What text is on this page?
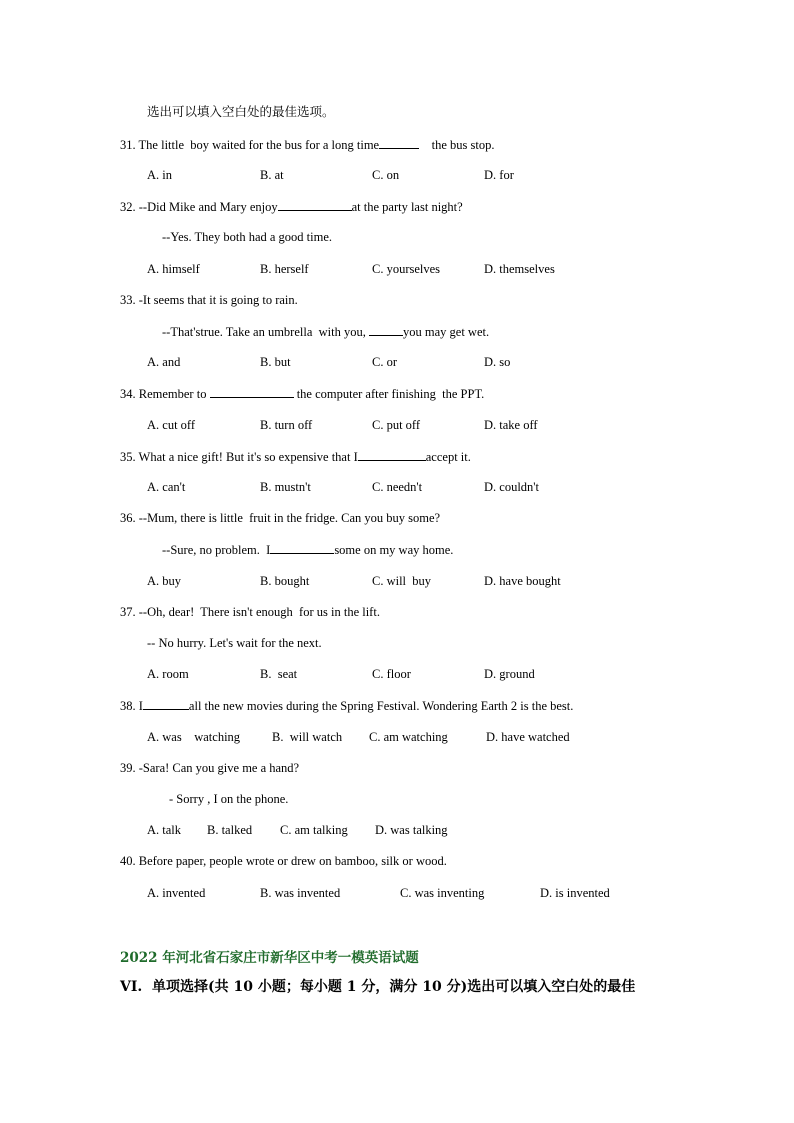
选出可以填入空白处的最佳选项。
31. The little  boy waited for the bus for a long time	the bus stop.
A. in	B. at	C. on	D. for
32. --Did Mike and Mary enjoy	at the party last night?
--Yes. They both had a good time.
A. himself	B. herself	C. yourselves	D. themselves
33. -It seems that it is going to rain.
--That'strue. Take an umbrella  with you,	you may get wet.
A. and	B. but	C. or	D. so
34. Remember to	the computer after finishing  the PPT.
A. cut off	B. turn off	C. put off	D. take off
35. What a nice gift! But it's so expensive that I	accept it.
A. can't	B. mustn't	C. needn't	D. couldn't
36. --Mum, there is little  fruit in the fridge. Can you buy some?
--Sure, no problem.  I	some on my way home.
A. buy	B. bought	C. will  buy	D. have bought
37. --Oh, dear!  There isn't enough  for us in the lift.
-- No hurry. Let's wait for the next.
A. room	B.  seat	C. floor	D. ground
38. I	all the new movies during the Spring Festival. Wondering Earth 2 is the best.
A. was    watching	B.  will watch C. am watching	D. have watched
39. -Sara! Can you give me a hand?
- Sorry , I on the phone.
A. talk B. talked C. am talking D. was talking
40. Before paper, people wrote or drew on bamboo, silk or wood.
A. invented	B. was invented	C. was inventing	D. is invented
2022 年河北省石家庄市新华区中考一模英语试题
VI.  单项选择(共 10 小题；每小题 1 分，满分 10 分)选出可以填入空白处的最佳
